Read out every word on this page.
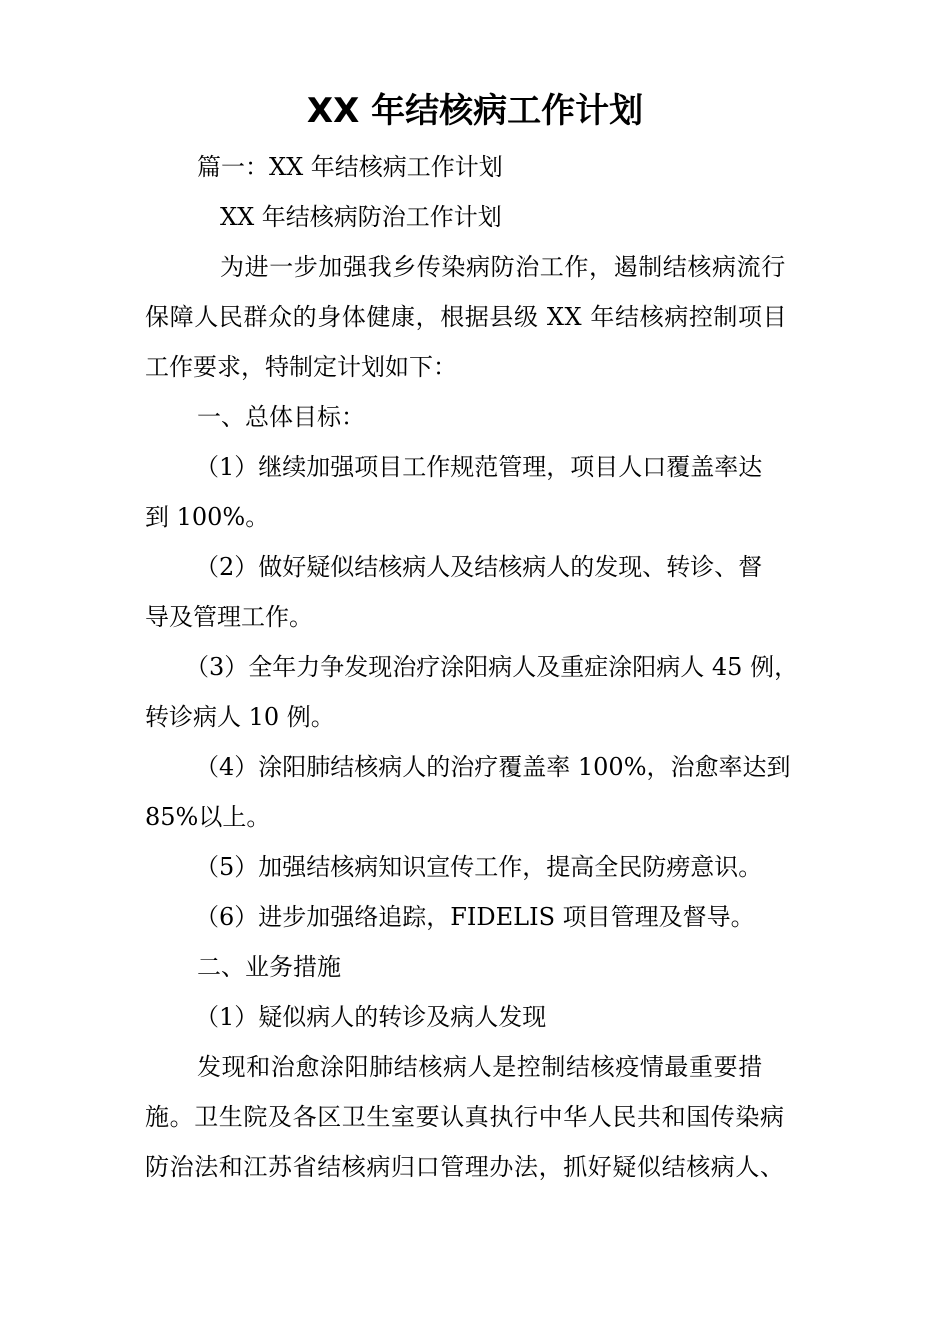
XX 年结核病工作计划
篇一：XX 年结核病工作计划
XX 年结核病防治工作计划
为进一步加强我乡传染病防治工作，遏制结核病流行
保障人民群众的身体健康，根据县级 XX 年结核病控制项目
工作要求，特制定计划如下：
一、总体目标：
（1）继续加强项目工作规范管理，项目人口覆盖率达
到 100%。
（2）做好疑似结核病人及结核病人的发现、转诊、督
导及管理工作。
（3）全年力争发现治疗涂阳病人及重症涂阳病人 45 例，
转诊病人 10 例。
（4）涂阳肺结核病人的治疗覆盖率 100%，治愈率达到
85%以上。
（5）加强结核病知识宣传工作，提高全民防痨意识。
（6）进步加强络追踪，FIDELIS 项目管理及督导。
二、业务措施
（1）疑似病人的转诊及病人发现
发现和治愈涂阳肺结核病人是控制结核疫情最重要措
施。卫生院及各区卫生室要认真执行中华人民共和国传染病
防治法和江苏省结核病归口管理办法，抓好疑似结核病人、
